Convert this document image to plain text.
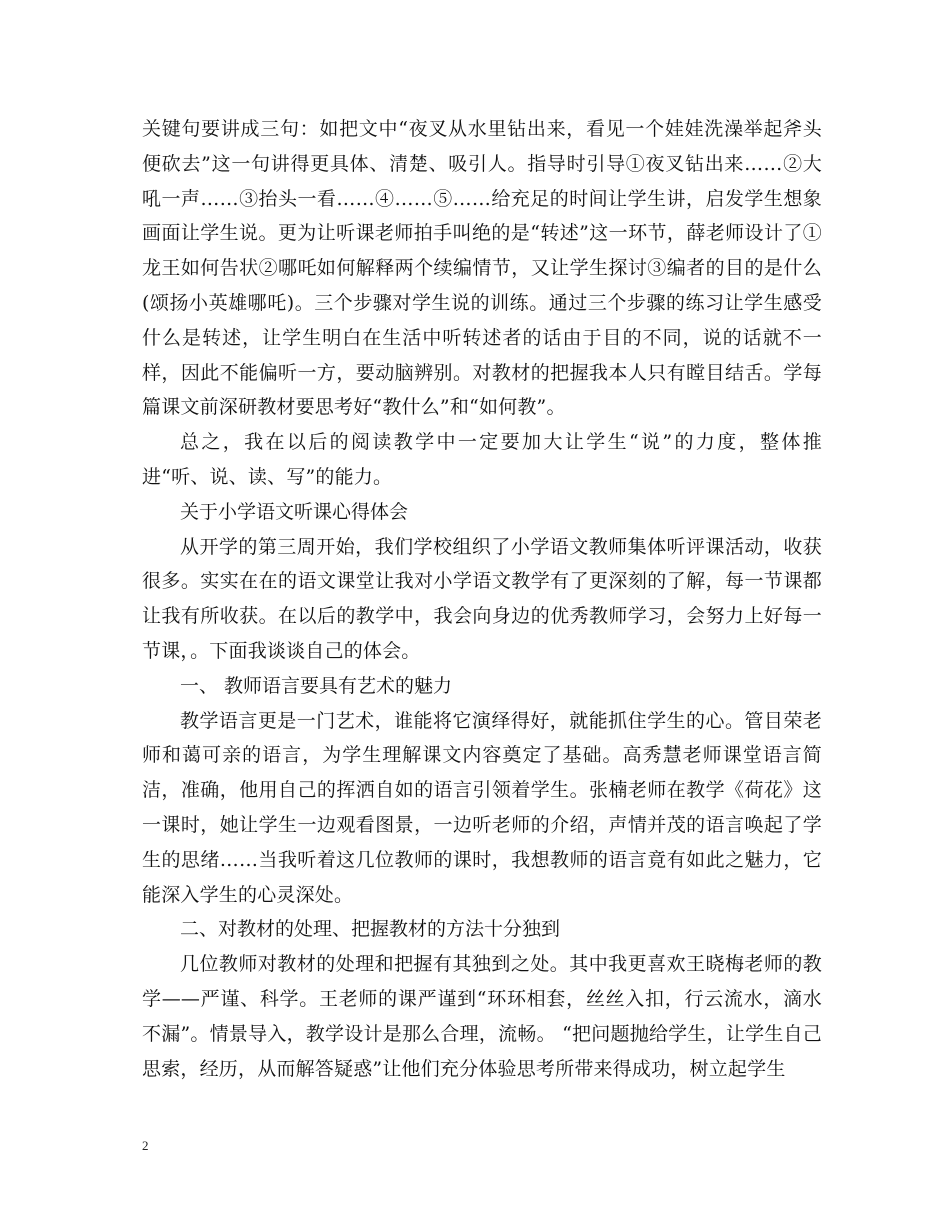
关键句要讲成三句：如把文中“夜叉从水里钻出来，看见一个娃娃洗澡举起斧头便砍去”这一句讲得更具体、清楚、吸引人。指导时引导①夜叉钻出来……②大吼一声……③抬头一看……④……⑤……给充足的时间让学生讲，启发学生想象画面让学生说。更为让听课老师拍手叫绝的是“转述”这一环节，薛老师设计了①龙王如何告状②哪吒如何解释两个续编情节，又让学生探讨③编者的目的是什么(颂扬小英雄哪吒)。三个步骤对学生说的训练。通过三个步骤的练习让学生感受什么是转述，让学生明白在生活中听转述者的话由于目的不同，说的话就不一样，因此不能偏听一方，要动脑辨别。对教材的把握我本人只有瞠目结舌。学每篇课文前深研教材要思考好“教什么”和“如何教”。

总之，我在以后的阅读教学中一定要加大让学生“说”的力度，整体推进“听、说、读、写”的能力。

关于小学语文听课心得体会

从开学的第三周开始，我们学校组织了小学语文教师集体听评课活动，收获很多。实实在在的语文课堂让我对小学语文教学有了更深刻的了解，每一节课都让我有所收获。在以后的教学中，我会向身边的优秀教师学习，会努力上好每一节课，。下面我谈谈自己的体会。

一、 教师语言要具有艺术的魅力

教学语言更是一门艺术，谁能将它演绎得好，就能抓住学生的心。管目荣老师和蔼可亲的语言，为学生理解课文内容奠定了基础。高秀慧老师课堂语言简洁，准确，他用自己的挥洒自如的语言引领着学生。张楠老师在教学《荷花》这一课时，她让学生一边观看图景，一边听老师的介绍，声情并茂的语言唤起了学生的思绪……当我听着这几位教师的课时，我想教师的语言竟有如此之魅力，它能深入学生的心灵深处。

二、对教材的处理、把握教材的方法十分独到

几位教师对教材的处理和把握有其独到之处。其中我更喜欢王晓梅老师的教学——严谨、科学。王老师的课严谨到“环环相套，丝丝入扣，行云流水，滴水不漏”。情景导入，教学设计是那么合理，流畅。 “把问题抛给学生，让学生自己思索，经历，从而解答疑惑”让他们充分体验思考所带来得成功，树立起学生

2
